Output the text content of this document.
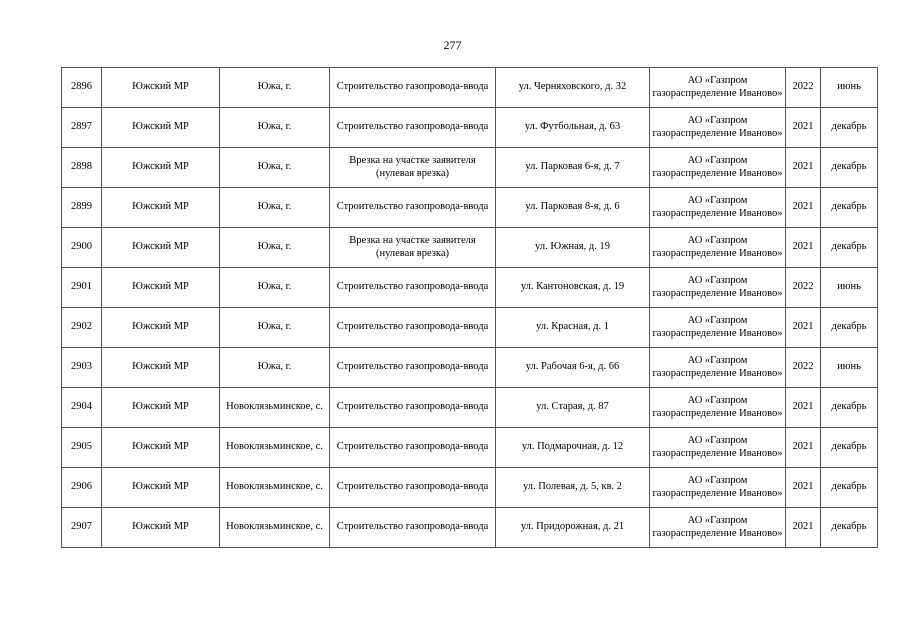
277
2896	Южский МР	Южа, г.	Строительство газопровода-ввода	ул. Черняховского, д. 32	АО «Газпром газораспределение Иваново»	2022	июнь
2897	Южский МР	Южа, г.	Строительство газопровода-ввода	ул. Футбольная, д. 63	АО «Газпром газораспределение Иваново»	2021	декабрь
2898	Южский МР	Южа, г.	Врезка на участке заявителя (нулевая врезка)	ул. Парковая 6-я, д. 7	АО «Газпром газораспределение Иваново»	2021	декабрь
2899	Южский МР	Южа, г.	Строительство газопровода-ввода	ул. Парковая 8-я, д. 6	АО «Газпром газораспределение Иваново»	2021	декабрь
2900	Южский МР	Южа, г.	Врезка на участке заявителя (нулевая врезка)	ул. Южная, д. 19	АО «Газпром газораспределение Иваново»	2021	декабрь
2901	Южский МР	Южа, г.	Строительство газопровода-ввода	ул. Кантоновская, д. 19	АО «Газпром газораспределение Иваново»	2022	июнь
2902	Южский МР	Южа, г.	Строительство газопровода-ввода	ул. Красная, д. 1	АО «Газпром газораспределение Иваново»	2021	декабрь
2903	Южский МР	Южа, г.	Строительство газопровода-ввода	ул. Рабочая 6-я, д. 66	АО «Газпром газораспределение Иваново»	2022	июнь
2904	Южский МР	Новоклязьминское, с.	Строительство газопровода-ввода	ул. Старая, д. 87	АО «Газпром газораспределение Иваново»	2021	декабрь
2905	Южский МР	Новоклязьминское, с.	Строительство газопровода-ввода	ул. Подмарочная, д. 12	АО «Газпром газораспределение Иваново»	2021	декабрь
2906	Южский МР	Новоклязьминское, с.	Строительство газопровода-ввода	ул. Полевая, д. 5, кв. 2	АО «Газпром газораспределение Иваново»	2021	декабрь
2907	Южский МР	Новоклязьминское, с.	Строительство газопровода-ввода	ул. Придорожная, д. 21	АО «Газпром газораспределение Иваново»	2021	декабрь
